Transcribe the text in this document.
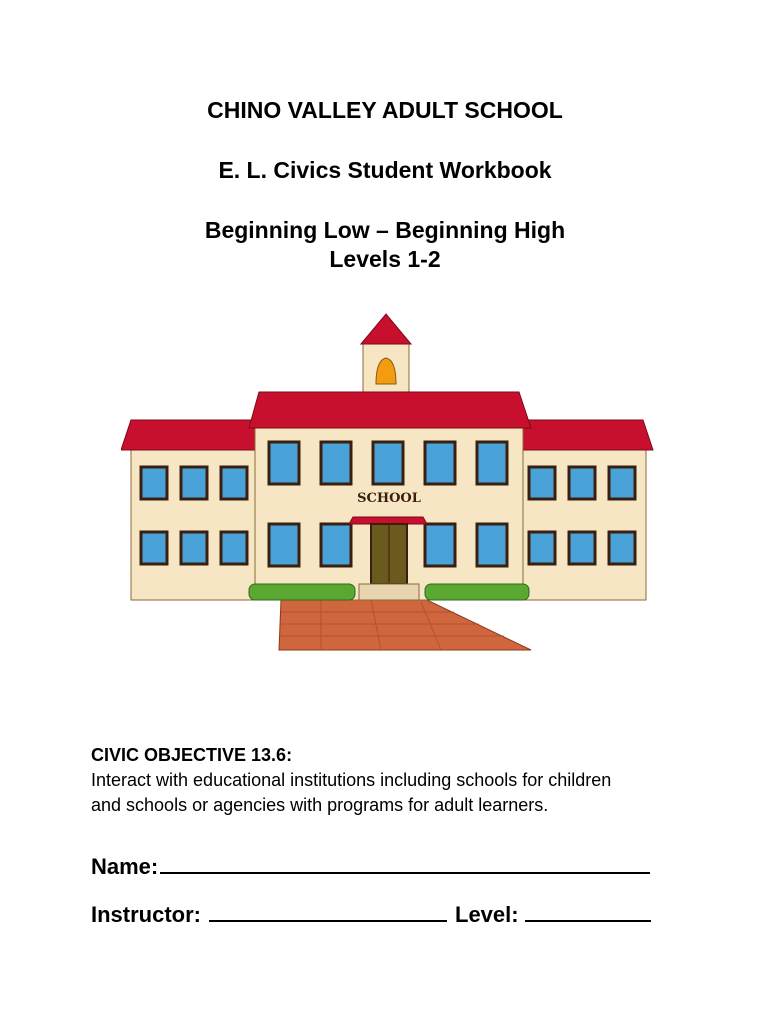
CHINO VALLEY ADULT SCHOOL
E. L. Civics Student Workbook
Beginning Low – Beginning High
Levels 1-2
SCHOOL
CIVIC OBJECTIVE 13.6:
Interact with educational institutions including schools for children
and schools or agencies with programs for adult learners.
Name:
Instructor:	Level:
